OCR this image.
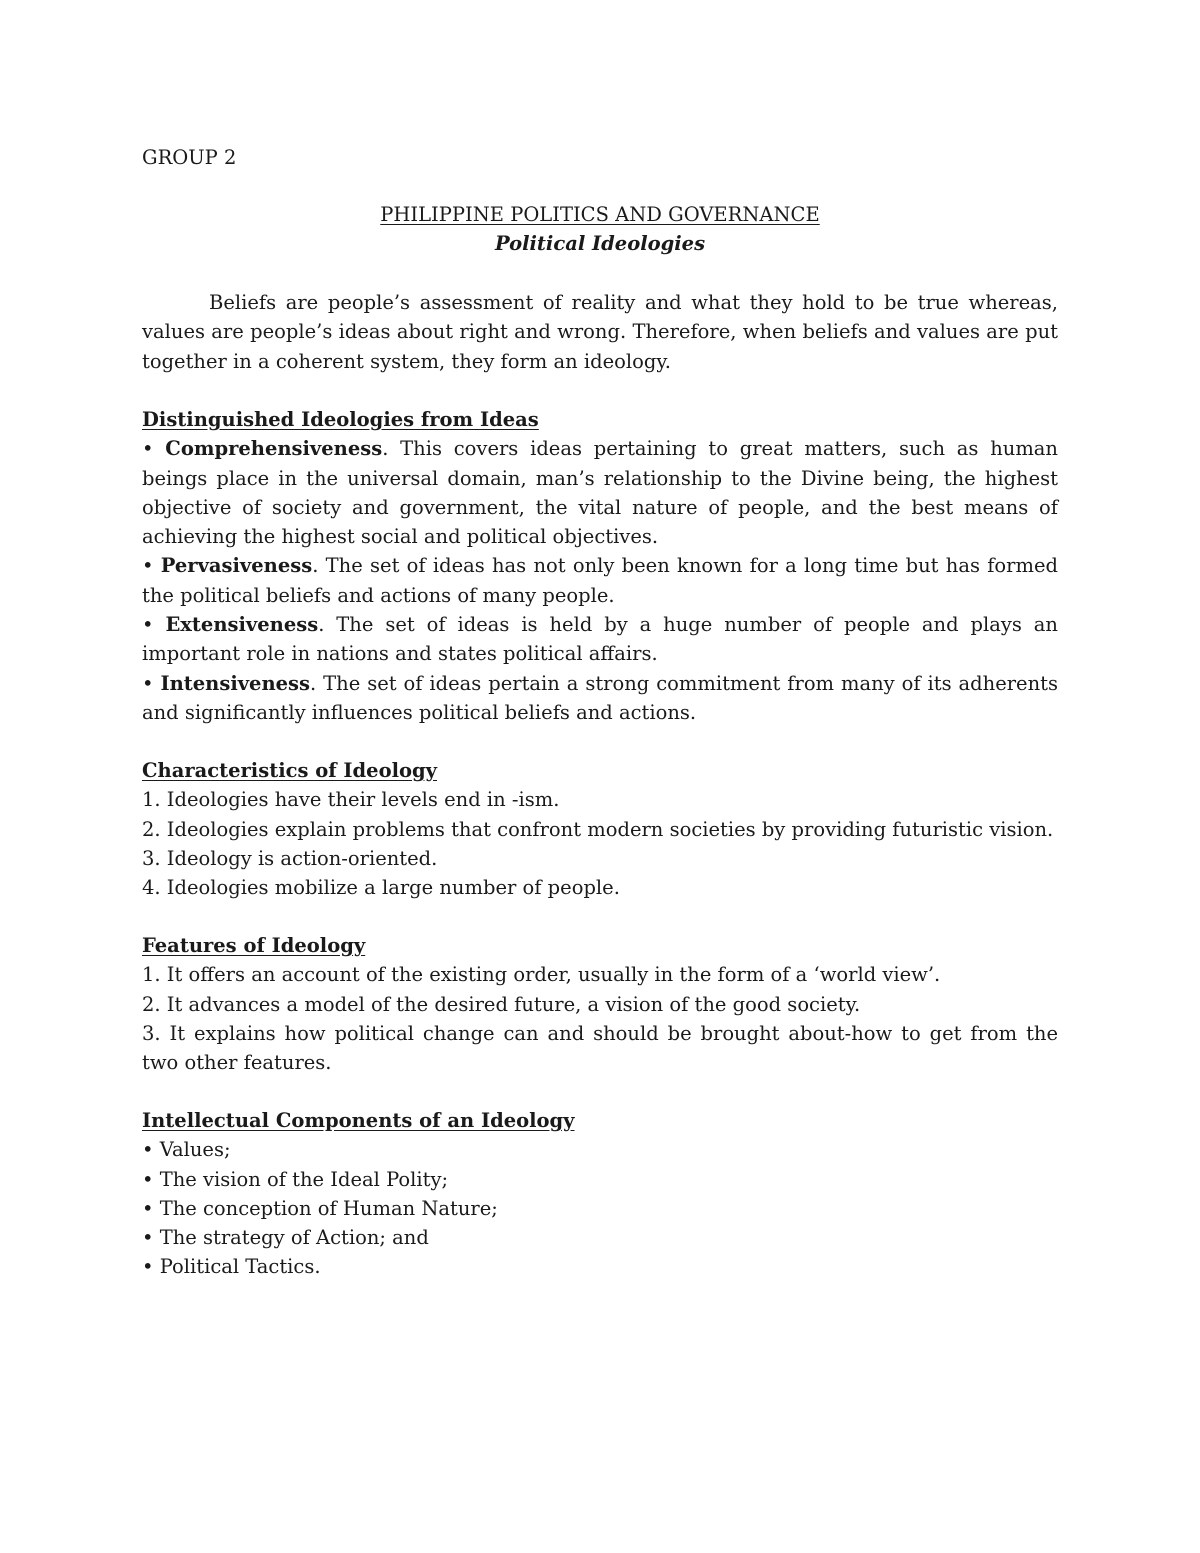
GROUP 2
PHILIPPINE POLITICS AND GOVERNANCE
Political Ideologies

Beliefs are people’s assessment of reality and what they hold to be true whereas, values are people’s ideas about right and wrong. Therefore, when beliefs and values are put together in a coherent system, they form an ideology.

Distinguished Ideologies from Ideas
• Comprehensiveness. This covers ideas pertaining to great matters, such as human beings place in the universal domain, man’s relationship to the Divine being, the highest objective of society and government, the vital nature of people, and the best means of achieving the highest social and political objectives.
• Pervasiveness. The set of ideas has not only been known for a long time but has formed the political beliefs and actions of many people.
• Extensiveness. The set of ideas is held by a huge number of people and plays an important role in nations and states political affairs.
• Intensiveness. The set of ideas pertain a strong commitment from many of its adherents and significantly influences political beliefs and actions.
Characteristics of Ideology
1. Ideologies have their levels end in -ism.
2. Ideologies explain problems that confront modern societies by providing futuristic vision.
3. Ideology is action-oriented.
4. Ideologies mobilize a large number of people.
Features of Ideology
1. It offers an account of the existing order, usually in the form of a ‘world view’.
2. It advances a model of the desired future, a vision of the good society.
3. It explains how political change can and should be brought about-how to get from the two other features.
Intellectual Components of an Ideology
• Values;
• The vision of the Ideal Polity;
• The conception of Human Nature;
• The strategy of Action; and
• Political Tactics.
